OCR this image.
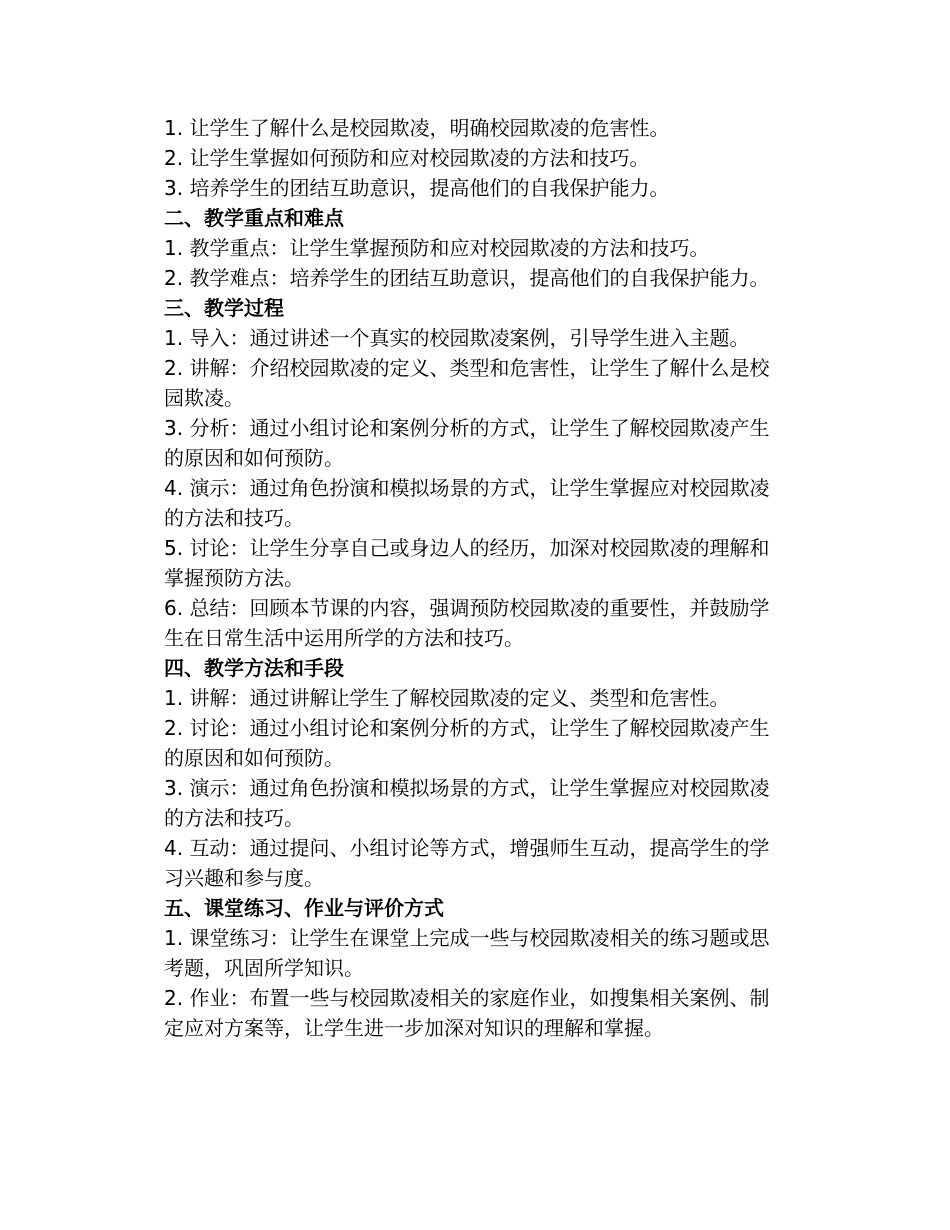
1. 让学生了解什么是校园欺凌，明确校园欺凌的危害性。

2. 让学生掌握如何预防和应对校园欺凌的方法和技巧。

3. 培养学生的团结互助意识，提高他们的自我保护能力。

二、教学重点和难点

1. 教学重点：让学生掌握预防和应对校园欺凌的方法和技巧。

2. 教学难点：培养学生的团结互助意识，提高他们的自我保护能力。

三、教学过程

1. 导入：通过讲述一个真实的校园欺凌案例，引导学生进入主题。

2. 讲解：介绍校园欺凌的定义、类型和危害性，让学生了解什么是校园欺凌。

3. 分析：通过小组讨论和案例分析的方式，让学生了解校园欺凌产生的原因和如何预防。

4. 演示：通过角色扮演和模拟场景的方式，让学生掌握应对校园欺凌的方法和技巧。

5. 讨论：让学生分享自己或身边人的经历，加深对校园欺凌的理解和掌握预防方法。

6. 总结：回顾本节课的内容，强调预防校园欺凌的重要性，并鼓励学生在日常生活中运用所学的方法和技巧。

四、教学方法和手段

1. 讲解：通过讲解让学生了解校园欺凌的定义、类型和危害性。

2. 讨论：通过小组讨论和案例分析的方式，让学生了解校园欺凌产生的原因和如何预防。

3. 演示：通过角色扮演和模拟场景的方式，让学生掌握应对校园欺凌的方法和技巧。

4. 互动：通过提问、小组讨论等方式，增强师生互动，提高学生的学习兴趣和参与度。

五、课堂练习、作业与评价方式

1. 课堂练习：让学生在课堂上完成一些与校园欺凌相关的练习题或思考题，巩固所学知识。

2. 作业：布置一些与校园欺凌相关的家庭作业，如搜集相关案例、制定应对方案等，让学生进一步加深对知识的理解和掌握。
